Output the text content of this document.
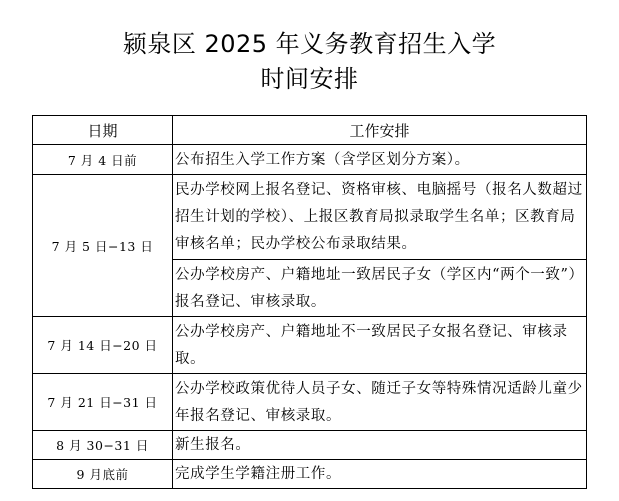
颍泉区 2025 年义务教育招生入学
时间安排
日期	工作安排
7 月 4 日前	公布招生入学工作方案（含学区划分方案）。
7 月 5 日−13 日	民办学校网上报名登记、资格审核、电脑摇号（报名人数超过招生计划的学校）、上报区教育局拟录取学生名单；区教育局审核名单；民办学校公布录取结果。
	公办学校房产、户籍地址一致居民子女（学区内“两个一致”）报名登记、审核录取。
7 月 14 日−20 日	公办学校房产、户籍地址不一致居民子女报名登记、审核录取。
7 月 21 日−31 日	公办学校政策优待人员子女、随迁子女等特殊情况适龄儿童少年报名登记、审核录取。
8 月 30−31 日	新生报名。
9 月底前	完成学生学籍注册工作。
